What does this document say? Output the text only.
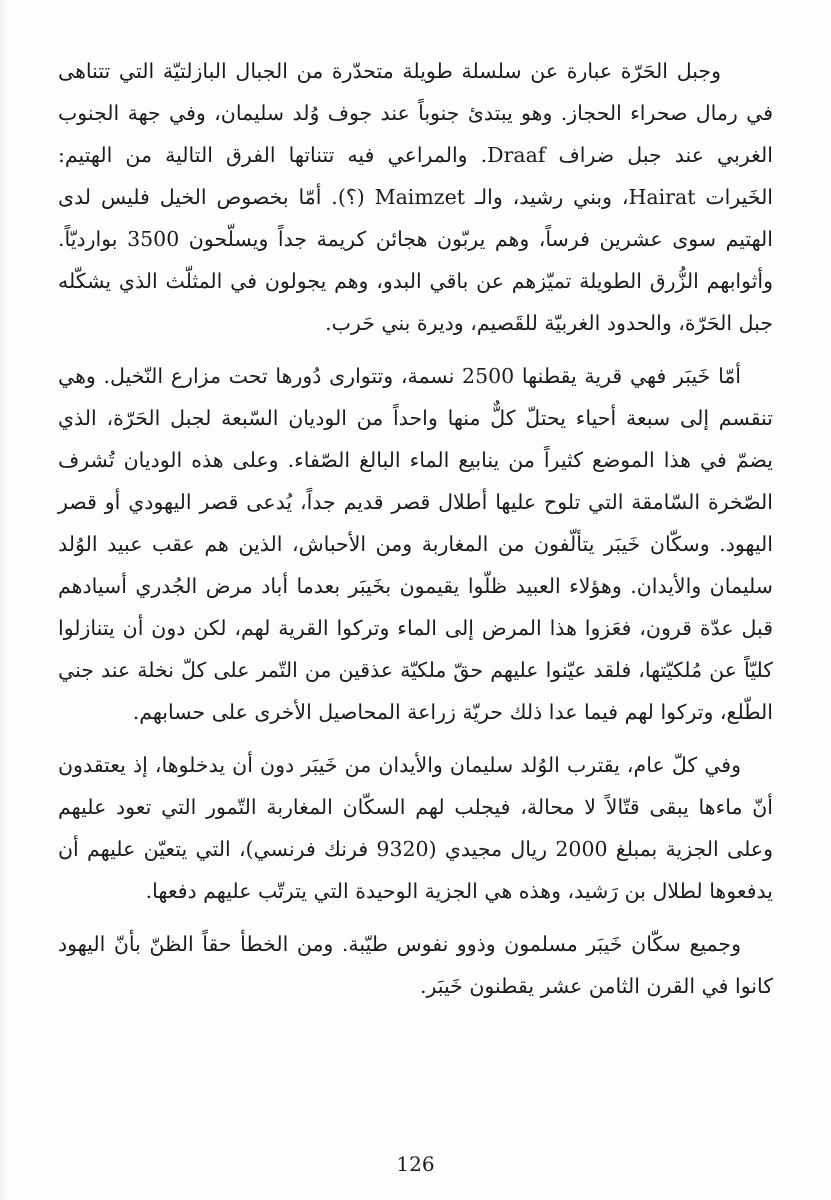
وجبل الحَرّة عبارة عن سلسلة طويلة متحدّرة من الجبال البازلتيّة التي تتناهى في رمال صحراء الحجاز. وهو يبتدئ جنوباً عند جوف وُلد سليمان، وفي جهة الجنوب الغربي عند جبل ضراف Draaf. والمراعي فيه تتناتها الفرق التالية من الهتيم: الخَيرات Hairat، وبني رشيد، والـ Maimzet (؟). أمّا بخصوص الخيل فليس لدى الهتيم سوى عشرين فرساً، وهم يربّون هجائن كريمة جداً ويسلّحون 3500 بوارديّاً. وأثوابهم الزُّرق الطويلة تميّزهم عن باقي البدو، وهم يجولون في المثلّث الذي يشكّله جبل الحَرّة، والحدود الغربيّة للقَصيم، وديرة بني حَرب.

أمّا خَيبَر فهي قرية يقطنها 2500 نسمة، وتتوارى دُورها تحت مزارع النّخيل. وهي تنقسم إلى سبعة أحياء يحتلّ كلٌّ منها واحداً من الوديان السّبعة لجبل الحَرّة، الذي يضمّ في هذا الموضع كثيراً من ينابيع الماء البالغ الصّفاء. وعلى هذه الوديان تُشرف الصّخرة السّامقة التي تلوح عليها أطلال قصر قديم جداً، يُدعى قصر اليهودي أو قصر اليهود. وسكّان خَيبَر يتألّفون من المغاربة ومن الأحباش، الذين هم عقب عبيد الوُلد سليمان والأيدان. وهؤلاء العبيد ظلّوا يقيمون بخَيبَر بعدما أباد مرض الجُدري أسيادهم قبل عدّة قرون، فعَزوا هذا المرض إلى الماء وتركوا القرية لهم، لكن دون أن يتنازلوا كليّاً عن مُلكيّتها، فلقد عيّنوا عليهم حقّ ملكيّة عذقين من التّمر على كلّ نخلة عند جني الطّلع، وتركوا لهم فيما عدا ذلك حريّة زراعة المحاصيل الأخرى على حسابهم.

وفي كلّ عام، يقترب الوُلد سليمان والأيدان من خَيبَر دون أن يدخلوها، إذ يعتقدون أنّ ماءها يبقى قتّالاً لا محالة، فيجلب لهم السكّان المغاربة التّمور التي تعود عليهم وعلى الجزية بمبلغ 2000 ريال مجيدي (9320 فرنك فرنسي)، التي يتعيّن عليهم أن يدفعوها لطلال بن رَشيد، وهذه هي الجزية الوحيدة التي يترتّب عليهم دفعها.

وجميع سكّان خَيبَر مسلمون وذوو نفوس طيّبة. ومن الخطأ حقاً الظنّ بأنّ اليهود كانوا في القرن الثامن عشر يقطنون خَيبَر.

126
